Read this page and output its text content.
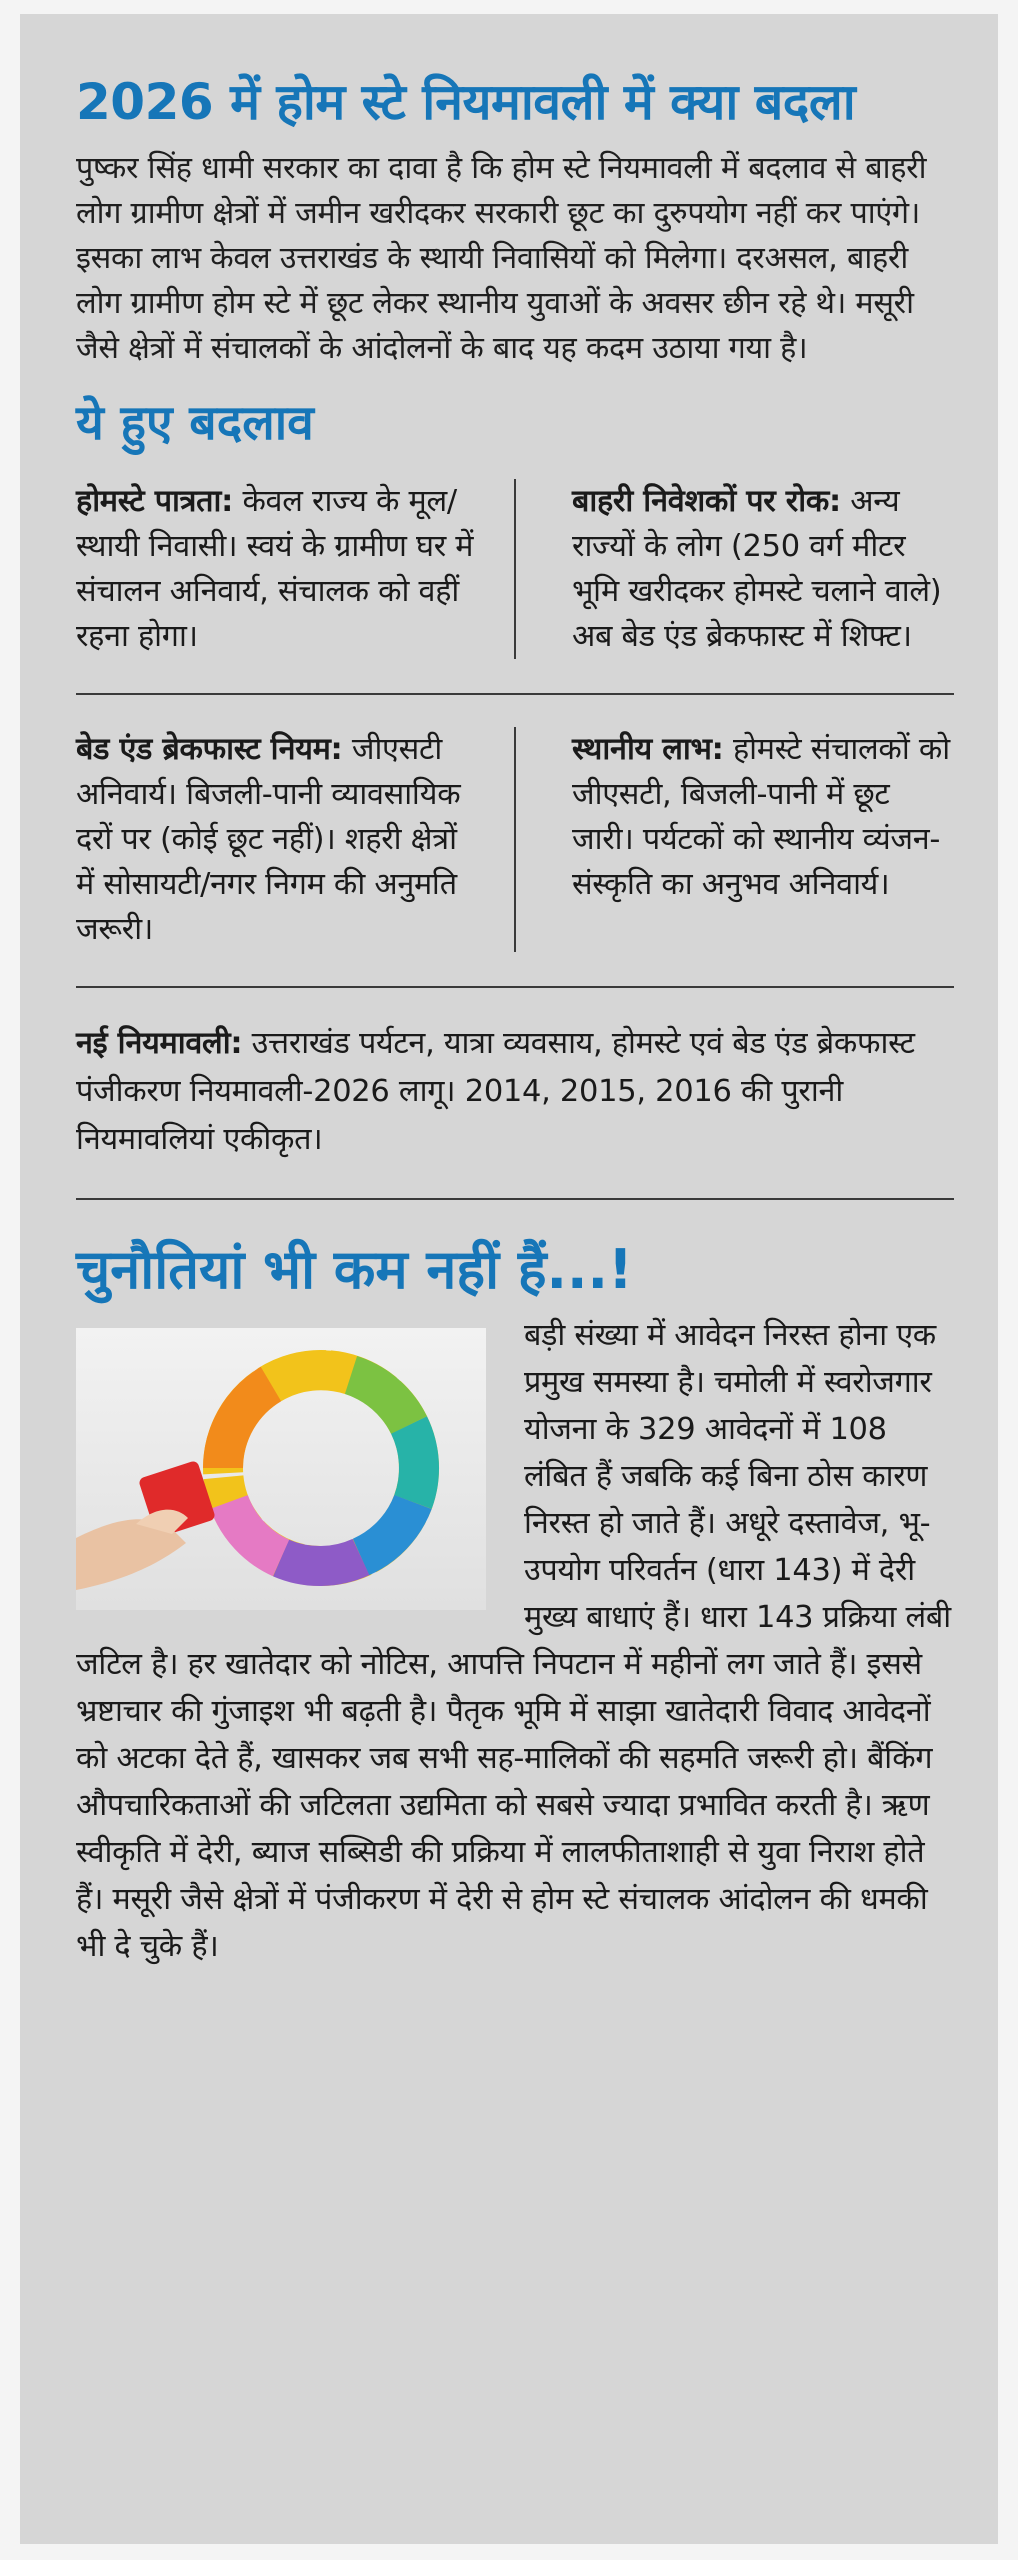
2026 में होम स्टे नियमावली में क्या बदला

पुष्कर सिंह धामी सरकार का दावा है कि होम स्टे नियमावली में बदलाव से बाहरी लोग ग्रामीण क्षेत्रों में जमीन खरीदकर सरकारी छूट का दुरुपयोग नहीं कर पाएंगे। इसका लाभ केवल उत्तराखंड के स्थायी निवासियों को मिलेगा। दरअसल, बाहरी लोग ग्रामीण होम स्टे में छूट लेकर स्थानीय युवाओं के अवसर छीन रहे थे। मसूरी जैसे क्षेत्रों में संचालकों के आंदोलनों के बाद यह कदम उठाया गया है।

ये हुए बदलाव
होमस्टे पात्रता: केवल राज्य के मूल/स्थायी निवासी। स्वयं के ग्रामीण घर में संचालन अनिवार्य, संचालक को वहीं रहना होगा।
बाहरी निवेशकों पर रोक: अन्य राज्यों के लोग (250 वर्ग मीटर भूमि खरीदकर होमस्टे चलाने वाले) अब बेड एंड ब्रेकफास्ट में शिफ्ट।
बेड एंड ब्रेकफास्ट नियम: जीएसटी अनिवार्य। बिजली-पानी व्यावसायिक दरों पर (कोई छूट नहीं)। शहरी क्षेत्रों में सोसायटी/नगर निगम की अनुमति जरूरी।
स्थानीय लाभ: होमस्टे संचालकों को जीएसटी, बिजली-पानी में छूट जारी। पर्यटकों को स्थानीय व्यंजन-संस्कृति का अनुभव अनिवार्य।
नई नियमावली: उत्तराखंड पर्यटन, यात्रा व्यवसाय, होमस्टे एवं बेड एंड ब्रेकफास्ट पंजीकरण नियमावली-2026 लागू। 2014, 2015, 2016 की पुरानी नियमावलियां एकीकृत।
चुनौतियां भी कम नहीं हैं...!
बड़ी संख्या में आवेदन निरस्त होना एक प्रमुख समस्या है। चमोली में स्वरोजगार योजना के 329 आवेदनों में 108 लंबित हैं जबकि कई बिना ठोस कारण निरस्त हो जाते हैं। अधूरे दस्तावेज, भू-उपयोग परिवर्तन (धारा 143) में देरी मुख्य बाधाएं हैं। धारा 143 प्रक्रिया लंबी जटिल है। हर खातेदार को नोटिस, आपत्ति निपटान में महीनों लग जाते हैं। इससे भ्रष्टाचार की गुंजाइश भी बढ़ती है। पैतृक भूमि में साझा खातेदारी विवाद आवेदनों को अटका देते हैं, खासकर जब सभी सह-मालिकों की सहमति जरूरी हो। बैंकिंग औपचारिकताओं की जटिलता उद्यमिता को सबसे ज्यादा प्रभावित करती है। ऋण स्वीकृति में देरी, ब्याज सब्सिडी की प्रक्रिया में लालफीताशाही से युवा निराश होते हैं। मसूरी जैसे क्षेत्रों में पंजीकरण में देरी से होम स्टे संचालक आंदोलन की धमकी भी दे चुके हैं।
